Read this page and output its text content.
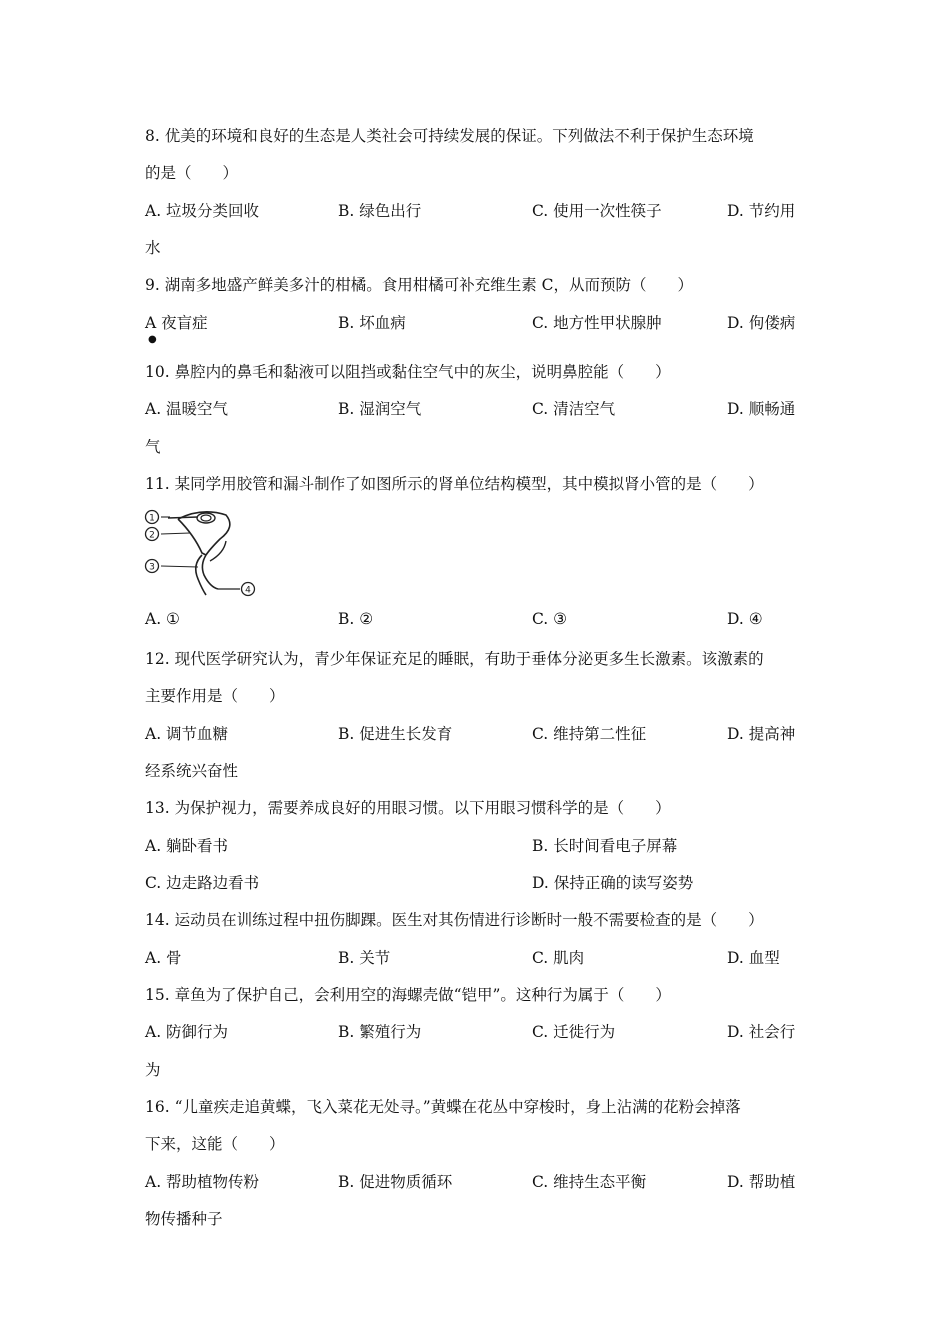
8. 优美的环境和良好的生态是人类社会可持续发展的保证。下列做法不利于保护生态环境
的是（　　）
A. 垃圾分类回收	B. 绿色出行	C. 使用一次性筷子	D. 节约用
水
9. 湖南多地盛产鲜美多汁的柑橘。食用柑橘可补充维生素 C，从而预防（　　）
A 夜盲症	B. 坏血病	C. 地方性甲状腺肿	D. 佝偻病
●
10. 鼻腔内的鼻毛和黏液可以阻挡或黏住空气中的灰尘，说明鼻腔能（　　）
A. 温暖空气	B. 湿润空气	C. 清洁空气	D. 顺畅通
气
11. 某同学用胶管和漏斗制作了如图所示的肾单位结构模型，其中模拟肾小管的是（　　）
1
2
3
4
A. ①	B. ②	C. ③	D. ④
12. 现代医学研究认为，青少年保证充足的睡眠，有助于垂体分泌更多生长激素。该激素的
主要作用是（　　）
A. 调节血糖	B. 促进生长发育	C. 维持第二性征	D. 提高神
经系统兴奋性
13. 为保护视力，需要养成良好的用眼习惯。以下用眼习惯科学的是（　　）
A. 躺卧看书	B. 长时间看电子屏幕
C. 边走路边看书	D. 保持正确的读写姿势
14. 运动员在训练过程中扭伤脚踝。医生对其伤情进行诊断时一般不需要检查的是（　　）
A. 骨	B. 关节	C. 肌肉	D. 血型
15. 章鱼为了保护自己，会利用空的海螺壳做“铠甲”。这种行为属于（　　）
A. 防御行为	B. 繁殖行为	C. 迁徙行为	D. 社会行
为
16. “儿童疾走追黄蝶，飞入菜花无处寻。”黄蝶在花丛中穿梭时，身上沾满的花粉会掉落
下来，这能（　　）
A. 帮助植物传粉	B. 促进物质循环	C. 维持生态平衡	D. 帮助植
物传播种子
